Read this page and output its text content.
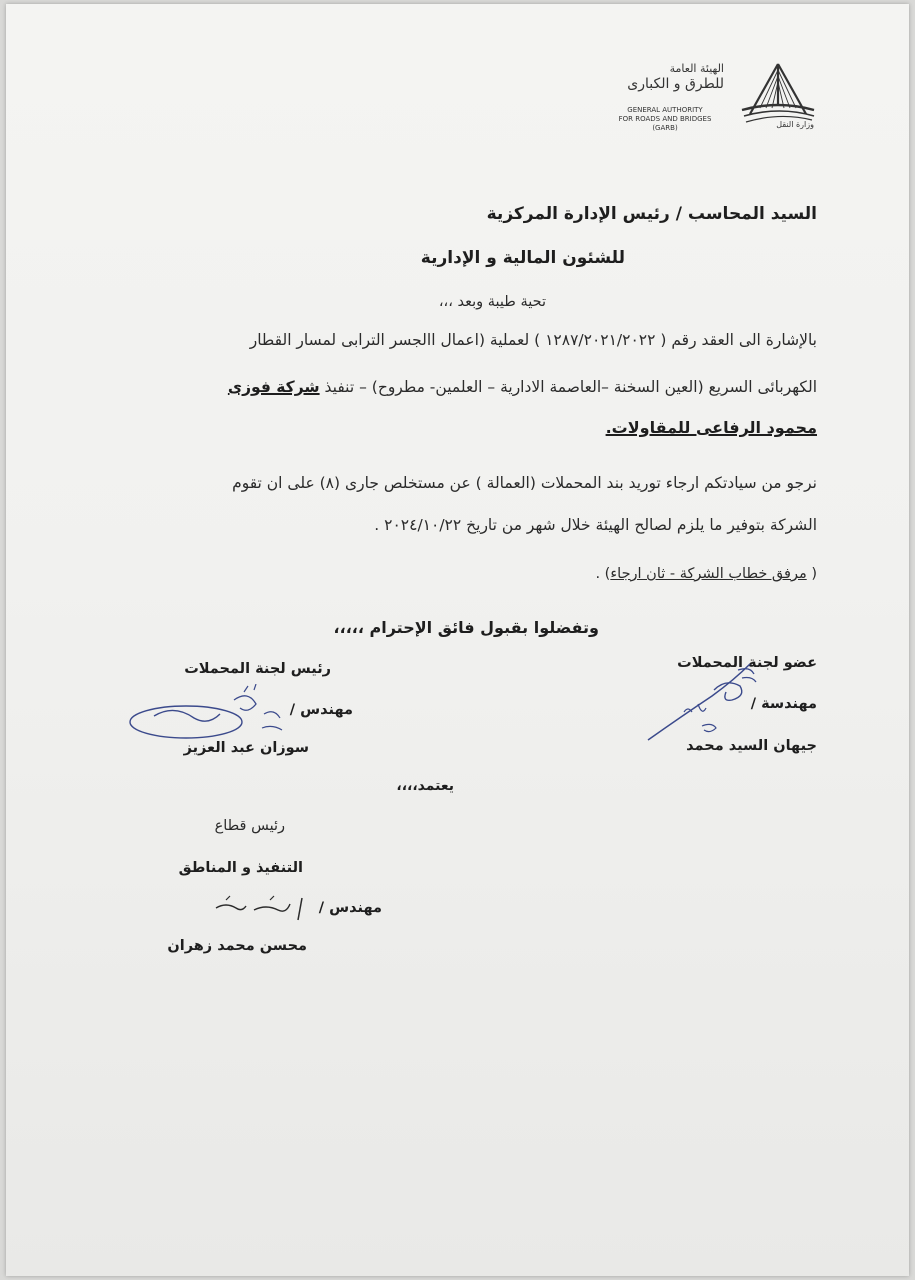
الهيئة العامة
للطرق و الكبارى
GENERAL AUTHORITY
FOR ROADS AND BRIDGES
(GARB)	وزارة النقل
السيد المحاسب / رئيس الإدارة المركزية
للشئون المالية و الإدارية
تحية طيبة وبعد ،،،
بالإشارة الى العقد رقم ( ١٢٨٧/٢٠٢١/٢٠٢٢ ) لعملية (اعمال االجسر الترابى لمسار القطار
الكهربائى السريع (العين السخنة –العاصمة الادارية – العلمين- مطروح) – تنفيذ شركة فوزى
محمود الرفاعى للمقاولات.
نرجو من سيادتكم ارجاء توريد بند المحملات (العمالة ) عن مستخلص جارى (٨) على ان تقوم
الشركة بتوفير ما يلزم لصالح الهيئة خلال شهر من تاريخ ٢٠٢٤/١٠/٢٢ .
( مرفق خطاب الشركة - ثان ارجاء) .
وتفضلوا بقبول فائق الإحترام ،،،،،
عضو لجنة المحملات
مهندسة /
جيهان السيد محمد
رئيس لجنة المحملات
مهندس /
سوزان عبد العزيز
يعتمد،،،،
رئيس قطاع
التنفيذ و المناطق
مهندس /
محسن محمد زهران
